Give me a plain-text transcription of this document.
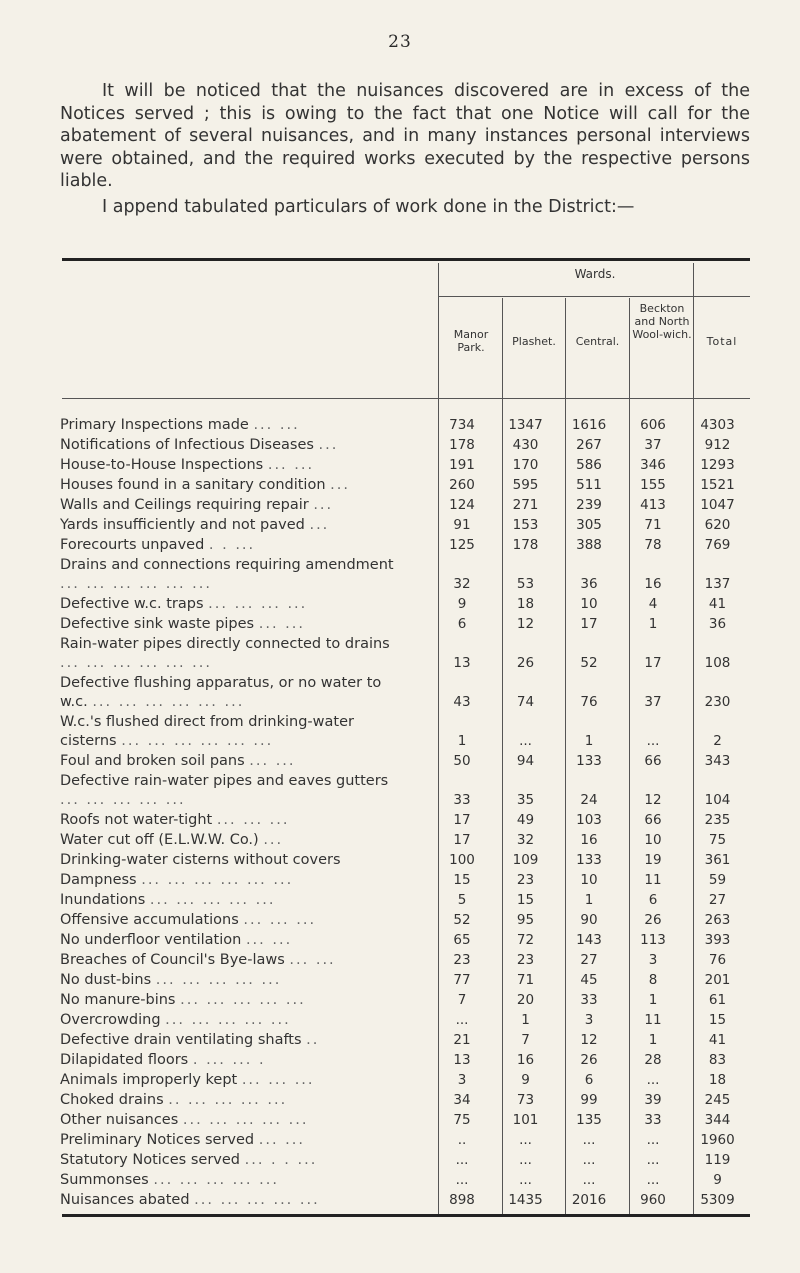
23
It will be noticed that the nuisances discovered are in excess of the Notices served ; this is owing to the fact that one Notice will call for the abatement of several nuisances, and in many instances personal interviews were obtained, and the required works executed by the respective persons liable.
I append tabulated particulars of work done in the District:—
Wards.
Manor Park.	Plashet.	Central.
Beckton and North Wool-wich.
Total
Primary Inspections made ... ...	734	1347	1616	606	4303
Notifications of Infectious Diseases ...	178	430	267	37	912
House-to-House Inspections ... ...	191	170	586	346	1293
Houses found in a sanitary condition ...	260	595	511	155	1521
Walls and Ceilings requiring repair ...	124	271	239	413	1047
Yards insufficiently and not paved ...	91	153	305	71	620
Forecourts unpaved . . ...	125	178	388	78	769
Drains and connections requiring amendment ... ... ... ... ... ...	32	53	36	16	137
Defective w.c. traps ... ... ... ...	9	18	10	4	41
Defective sink waste pipes ... ...	6	12	17	1	36
Rain-water pipes directly connected to drains ... ... ... ... ... ...	13	26	52	17	108
Defective flushing apparatus, or no water to w.c. ... ... ... ... ... ...	43	74	76	37	230
W.c.'s flushed direct from drinking-water cisterns ... ... ... ... ... ...	1	...	1	...	2
Foul and broken soil pans ... ...	50	94	133	66	343
Defective rain-water pipes and eaves gutters ... ... ... ... ...	33	35	24	12	104
Roofs not water-tight ... ... ...	17	49	103	66	235
Water cut off (E.L.W.W. Co.) ...	17	32	16	10	75
Drinking-water cisterns without covers	100	109	133	19	361
Dampness ... ... ... ... ... ...	15	23	10	11	59
Inundations ... ... ... ... ...	5	15	1	6	27
Offensive accumulations ... ... ...	52	95	90	26	263
No underfloor ventilation ... ...	65	72	143	113	393
Breaches of Council's Bye-laws ... ...	23	23	27	3	76
No dust-bins ... ... ... ... ...	77	71	45	8	201
No manure-bins ... ... ... ... ...	7	20	33	1	61
Overcrowding ... ... ... ... ...	...	1	3	11	15
Defective drain ventilating shafts ..	21	7	12	1	41
Dilapidated floors . ... ... .	13	16	26	28	83
Animals improperly kept ... ... ...	3	9	6	...	18
Choked drains .. ... ... ... ...	34	73	99	39	245
Other nuisances ... ... ... ... ...	75	101	135	33	344
Preliminary Notices served ... ...	..	...	...	...	1960
Statutory Notices served ... . . ...	...	...	...	...	119
Summonses ... ... ... ... ...	...	...	...	...	9
Nuisances abated ... ... ... ... ...	898	1435	2016	960	5309
